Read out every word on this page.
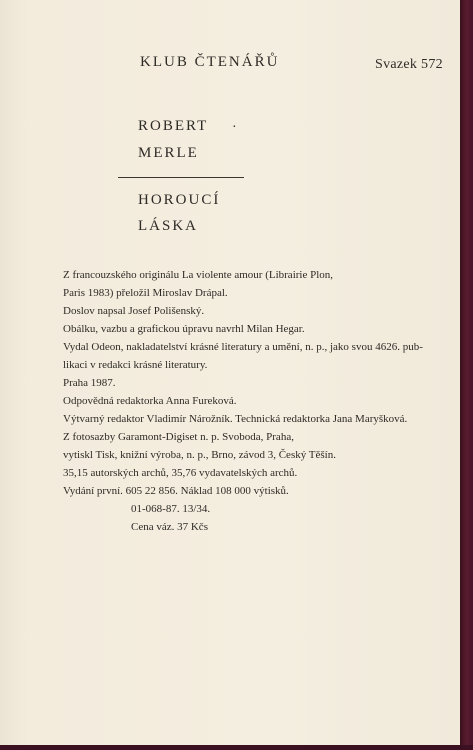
KLUB ČTENÁŘŮ	Svazek 572
ROBERT ·
MERLE
HOROUCÍ
LÁSKA

Z francouzského originálu La violente amour (Librairie Plon,

Paris 1983) přeložil Miroslav Drápal.

Doslov napsal Josef Polišenský.

Obálku, vazbu a grafickou úpravu navrhl Milan Hegar.

Vydal Odeon, nakladatelství krásné literatury a umění, n. p., jako svou 4626. pub-

likaci v redakci krásné literatury.

Praha 1987.

Odpovědná redaktorka Anna Fureková.

Výtvarný redaktor Vladimír Nárožník. Technická redaktorka Jana Maryšková.

Z fotosazby Garamont-Digiset n. p. Svoboda, Praha,

vytiskl Tisk, knižní výroba, n. p., Brno, závod 3, Český Těšín.

35,15 autorských archů, 35,76 vydavatelských archů.

Vydání první. 605 22 856. Náklad 108 000 výtisků.

01-068-87. 13/34.

Cena váz. 37 Kčs
